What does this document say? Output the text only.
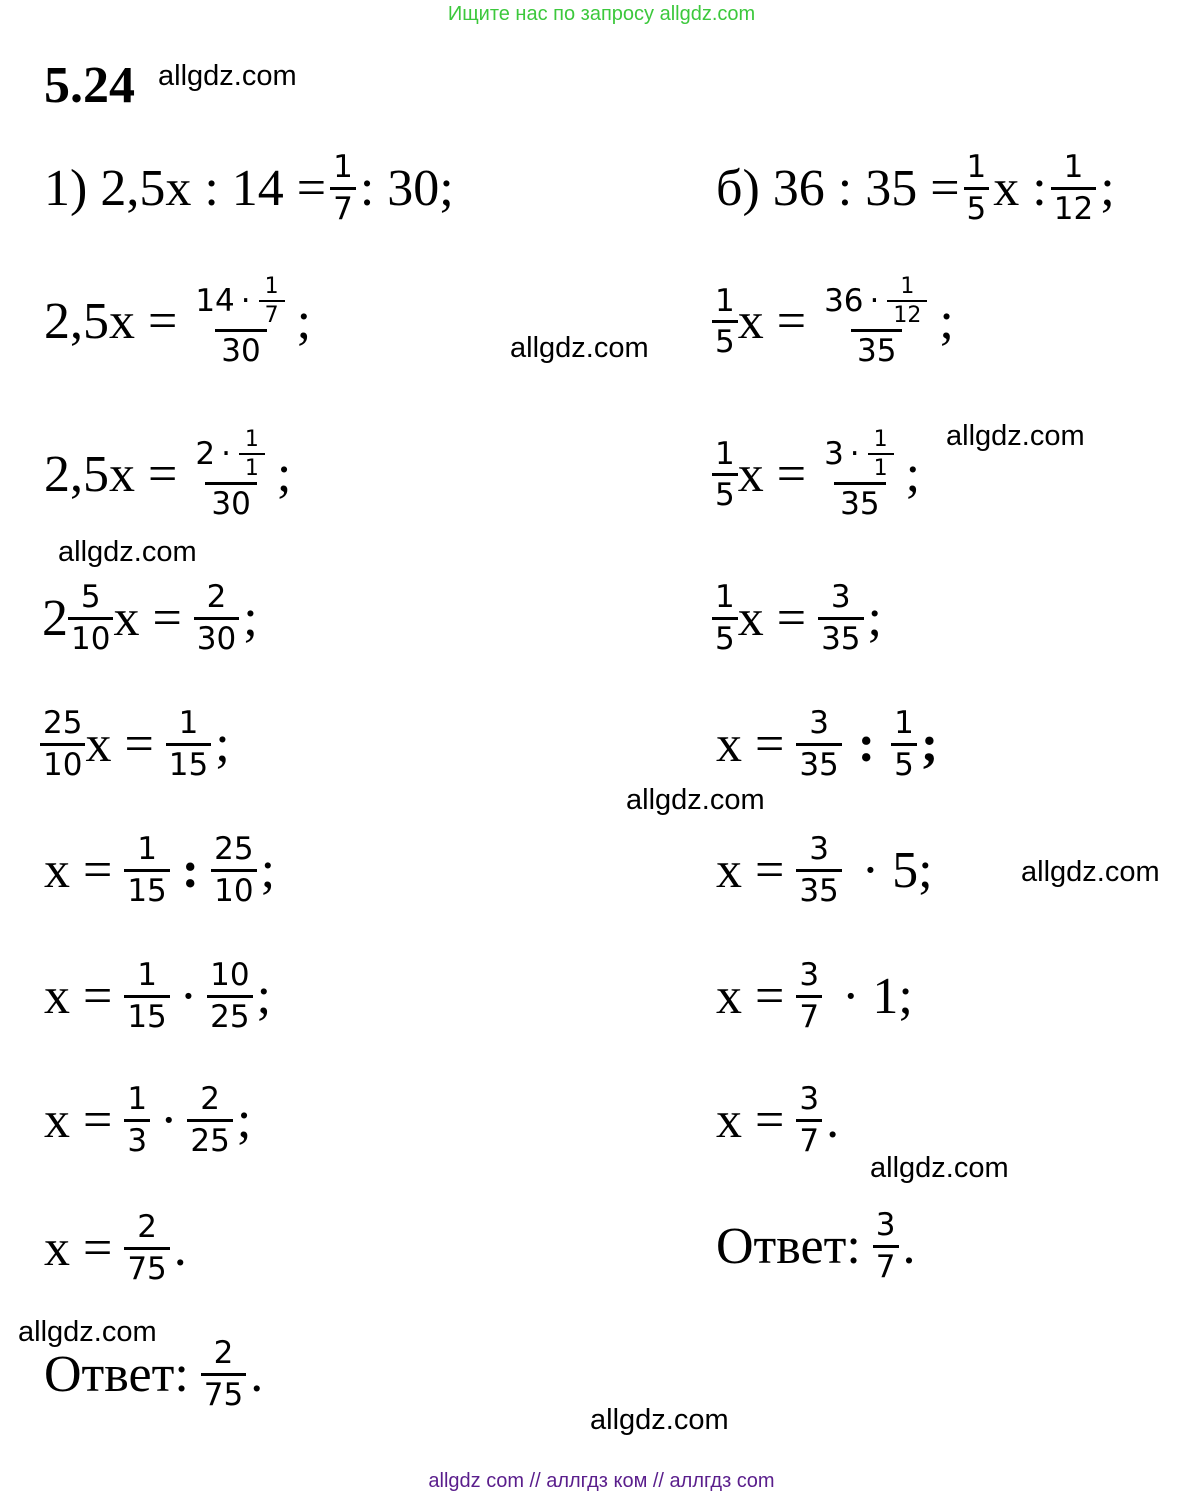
Ищите нас по запросу allgdz.com
5.24 allgdz.com
1) 2,5х : $14 = \frac{1}{7}$ : 30;
$2,5х = \frac{14 \cdot \frac{1}{7}}{30}$ ;
$2,5х = \frac{2 \cdot \frac{1}{1}}{30}$ ;
$2 \frac{5}{10}$ $х = \frac{2}{30}$ ;
$\frac{25}{10}$ $х = \frac{1}{15}$ ;
$х = \frac{1}{15}$ : $\frac{25}{10}$ ;
$х = \frac{1}{15} \cdot \frac{10}{25}$ ;
$х = \frac{1}{3} \cdot \frac{2}{25}$ ;
$х = \frac{2}{75}$ .
Ответ: $\frac{2}{75}$ .
б) 36 : $35 = \frac{1}{5}$ х : $\frac{1}{12}$ ;
$\frac{1}{5}$ $х = \frac{36 \cdot \frac{1}{12}}{35}$ ;
$\frac{1}{5}$ $х = \frac{3 \cdot \frac{1}{1}}{35}$ ;
$\frac{1}{5}$ $х = \frac{3}{35}$ ;
$х = \frac{3}{35}$ : $\frac{1}{5}$ ;
$х = \frac{3}{35} \cdot 5$;
$х = \frac{3}{7} \cdot 1$;
$х = \frac{3}{7}$ .
Ответ: $\frac{3}{7}$ .
allgdz.com
allgdz.com
allgdz.com
allgdz.com
allgdz.com
allgdz.com
allgdz.com
allgdz.com
allgdz com // аллгдз ком // аллгдз com
